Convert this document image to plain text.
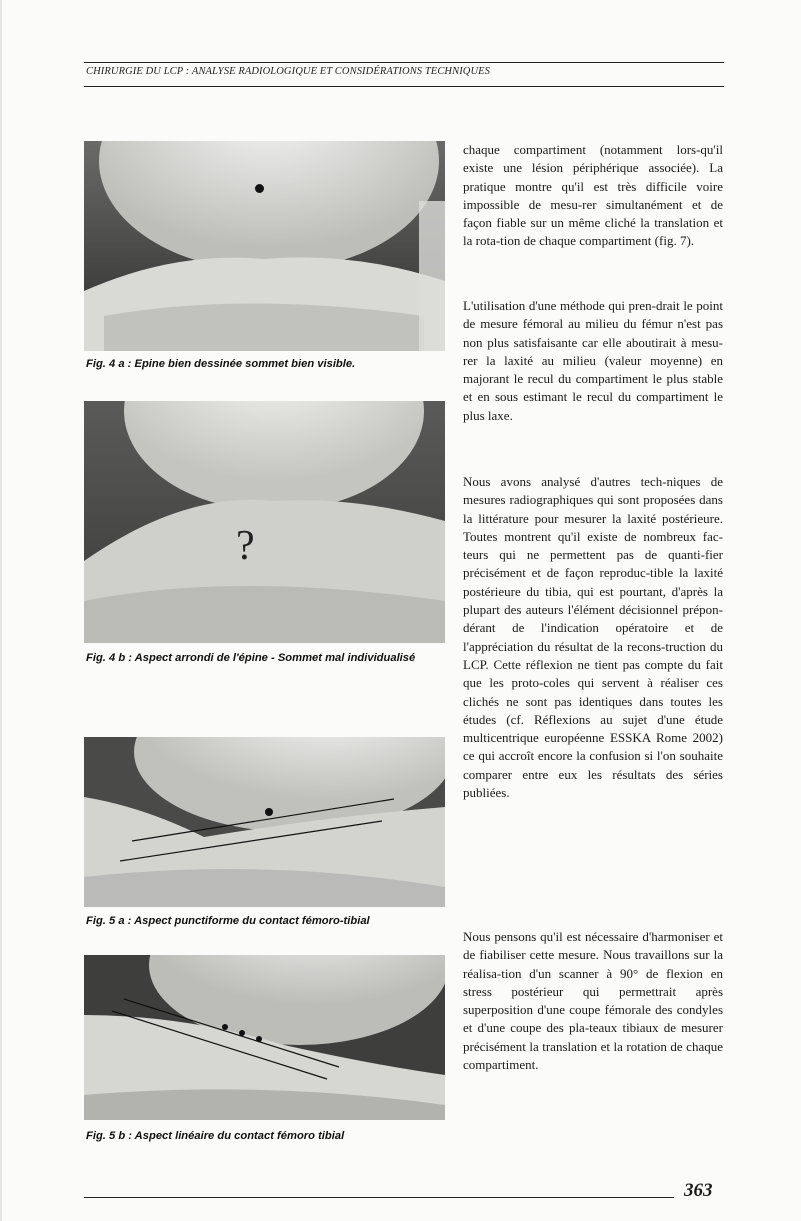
CHIRURGIE DU LCP : ANALYSE RADIOLOGIQUE ET CONSIDÉRATIONS TECHNIQUES
Fig. 4 a : Epine bien dessinée sommet bien visible.
?
Fig. 4 b : Aspect arrondi de l'épine - Sommet mal individualisé
Fig. 5 a : Aspect punctiforme du contact fémoro-tibial
Fig. 5 b : Aspect linéaire du contact fémoro tibial

chaque compartiment (notamment lors-qu'il existe une lésion périphérique associée). La pratique montre qu'il est très difficile voire impossible de mesu-rer simultanément et de façon fiable sur un même cliché la translation et la rota-tion de chaque compartiment (fig. 7).

L'utilisation d'une méthode qui pren-drait le point de mesure fémoral au milieu du fémur n'est pas non plus satisfaisante car elle aboutirait à mesu-rer la laxité au milieu (valeur moyenne) en majorant le recul du compartiment le plus stable et en sous estimant le recul du compartiment le plus laxe.

Nous avons analysé d'autres tech-niques de mesures radiographiques qui sont proposées dans la littérature pour mesurer la laxité postérieure. Toutes montrent qu'il existe de nombreux fac-teurs qui ne permettent pas de quanti-fier précisément et de façon reproduc-tible la laxité postérieure du tibia, qui est pourtant, d'après la plupart des auteurs l'élément décisionnel prépon-dérant de l'indication opératoire et de l'appréciation du résultat de la recons-truction du LCP. Cette réflexion ne tient pas compte du fait que les proto-coles qui servent à réaliser ces clichés ne sont pas identiques dans toutes les études (cf. Réflexions au sujet d'une étude multicentrique européenne ESSKA Rome 2002) ce qui accroît encore la confusion si l'on souhaite comparer entre eux les résultats des séries publiées.

Nous pensons qu'il est nécessaire d'harmoniser et de fiabiliser cette mesure. Nous travaillons sur la réalisa-tion d'un scanner à 90° de flexion en stress postérieur qui permettrait après superposition d'une coupe fémorale des condyles et d'une coupe des pla-teaux tibiaux de mesurer précisément la translation et la rotation de chaque compartiment.

363
